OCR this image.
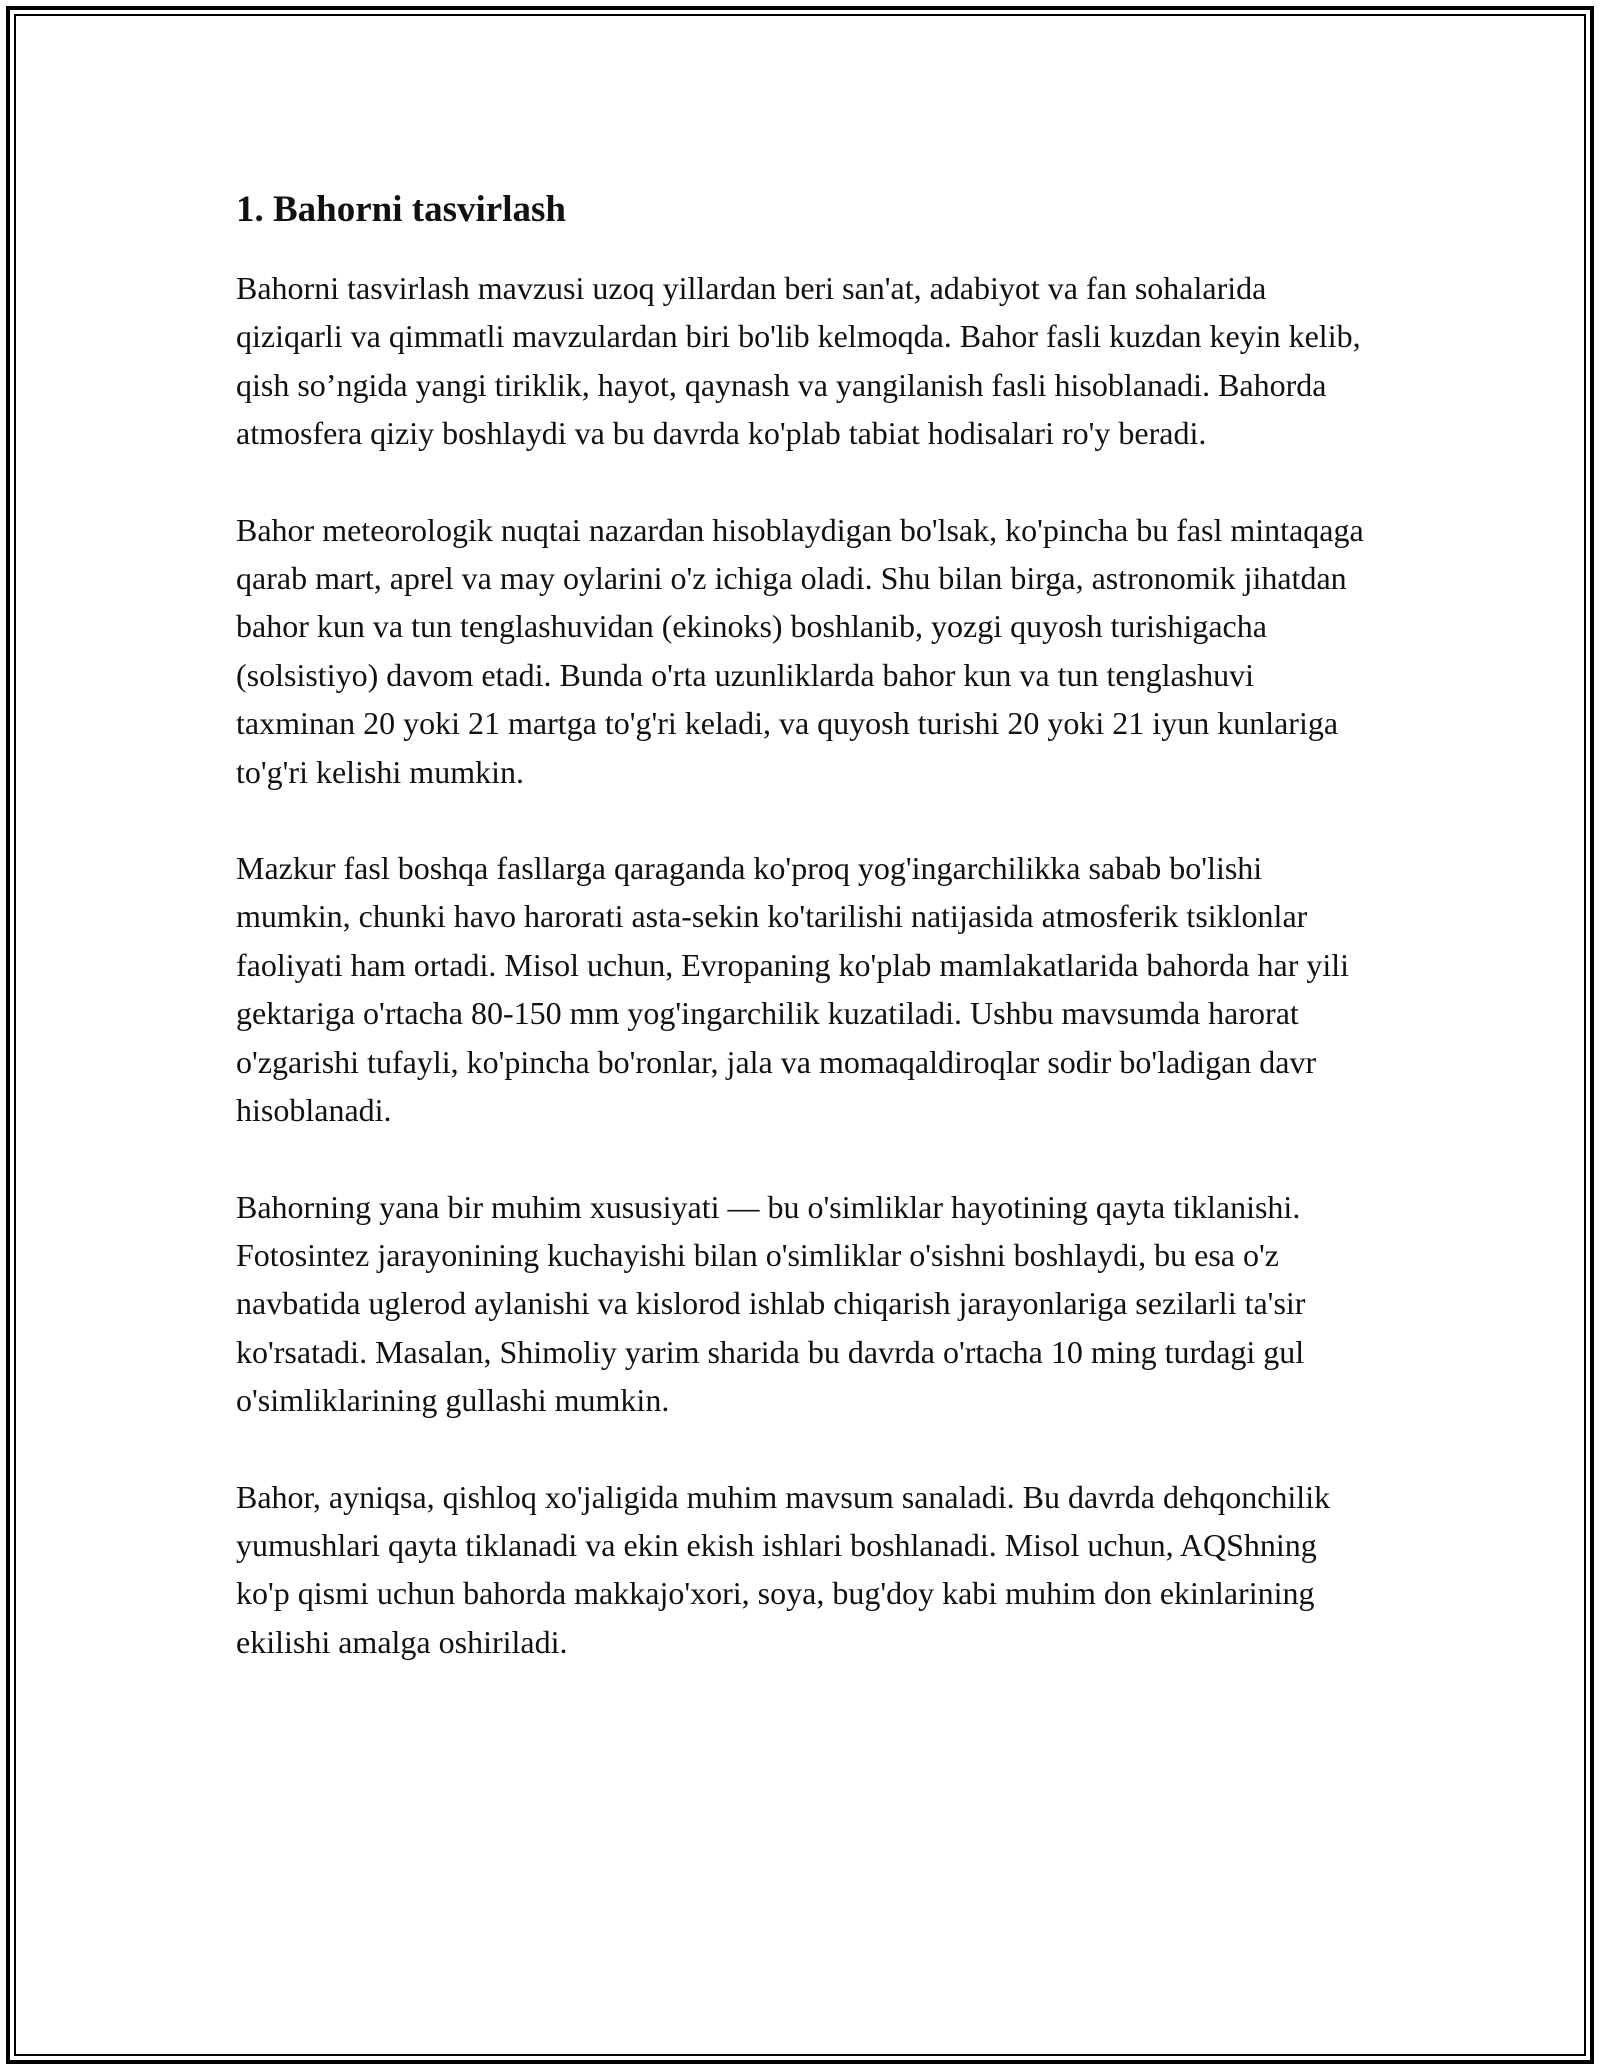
1. Bahorni tasvirlash

Bahorni tasvirlash mavzusi uzoq yillardan beri san'at, adabiyot va fan sohalarida qiziqarli va qimmatli mavzulardan biri bo'lib kelmoqda. Bahor fasli kuzdan keyin kelib, qish so’ngida yangi tiriklik, hayot, qaynash va yangilanish fasli hisoblanadi. Bahorda atmosfera qiziy boshlaydi va bu davrda ko'plab tabiat hodisalari ro'y beradi.

Bahor meteorologik nuqtai nazardan hisoblaydigan bo'lsak, ko'pincha bu fasl mintaqaga qarab mart, aprel va may oylarini o'z ichiga oladi. Shu bilan birga, astronomik jihatdan bahor kun va tun tenglashuvidan (ekinoks) boshlanib, yozgi quyosh turishigacha (solsistiyo) davom etadi. Bunda o'rta uzunliklarda bahor kun va tun tenglashuvi taxminan 20 yoki 21 martga to'g'ri keladi, va quyosh turishi 20 yoki 21 iyun kunlariga to'g'ri kelishi mumkin.

Mazkur fasl boshqa fasllarga qaraganda ko'proq yog'ingarchilikka sabab bo'lishi mumkin, chunki havo harorati asta-sekin ko'tarilishi natijasida atmosferik tsiklonlar faoliyati ham ortadi. Misol uchun, Evropaning ko'plab mamlakatlarida bahorda har yili gektariga o'rtacha 80-150 mm yog'ingarchilik kuzatiladi. Ushbu mavsumda harorat o'zgarishi tufayli, ko'pincha bo'ronlar, jala va momaqaldiroqlar sodir bo'ladigan davr hisoblanadi.

Bahorning yana bir muhim xususiyati — bu o'simliklar hayotining qayta tiklanishi. Fotosintez jarayonining kuchayishi bilan o'simliklar o'sishni boshlaydi, bu esa o'z navbatida uglerod aylanishi va kislorod ishlab chiqarish jarayonlariga sezilarli ta'sir ko'rsatadi. Masalan, Shimoliy yarim sharida bu davrda o'rtacha 10 ming turdagi gul o'simliklarining gullashi mumkin.

Bahor, ayniqsa, qishloq xo'jaligida muhim mavsum sanaladi. Bu davrda dehqonchilik yumushlari qayta tiklanadi va ekin ekish ishlari boshlanadi. Misol uchun, AQShning ko'p qismi uchun bahorda makkajo'xori, soya, bug'doy kabi muhim don ekinlarining ekilishi amalga oshiriladi.
